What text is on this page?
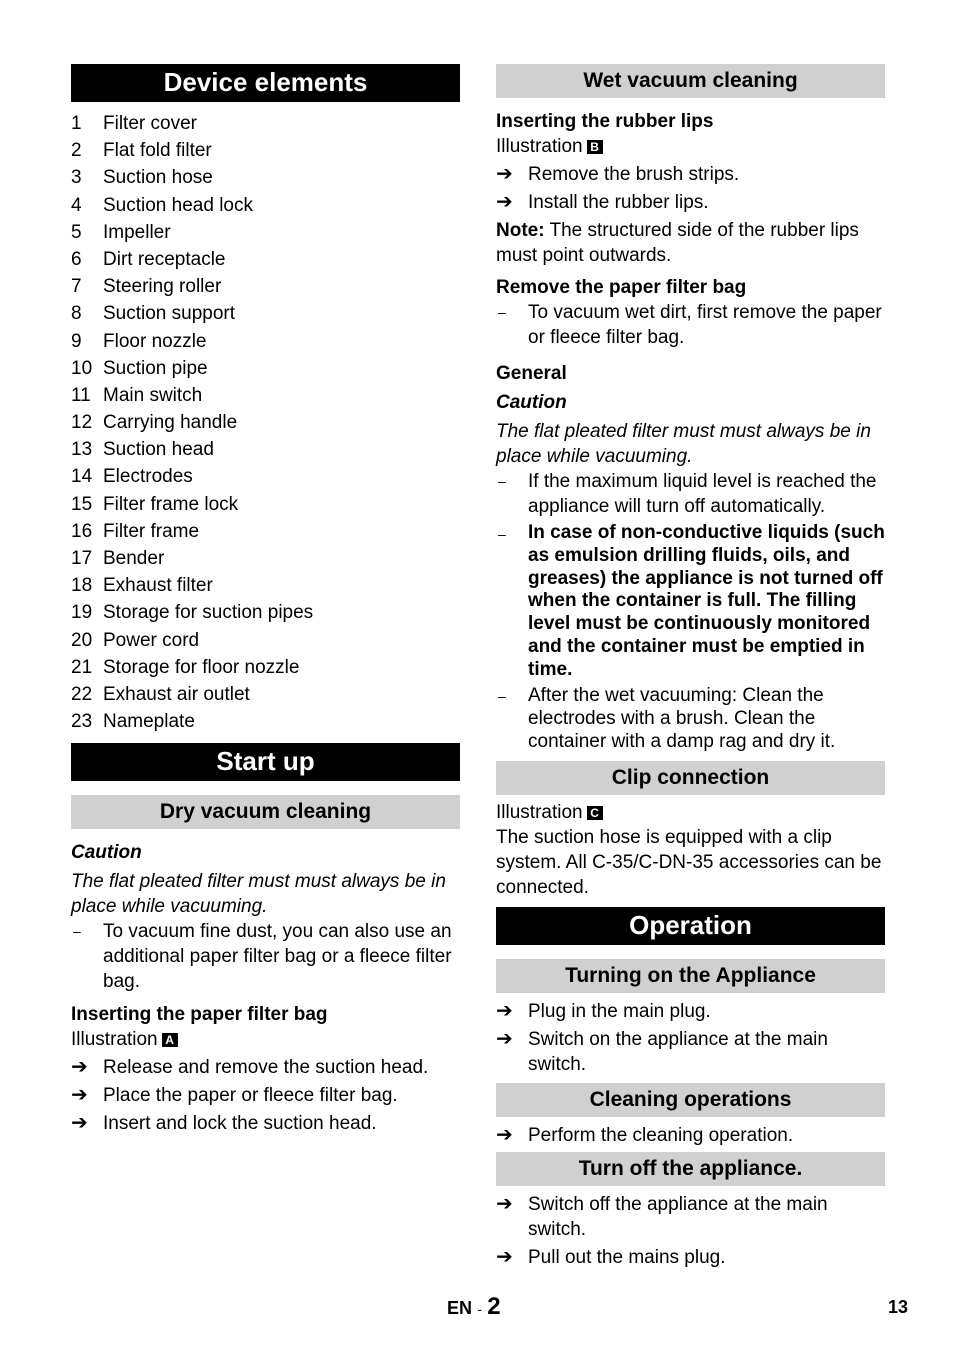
Device elements
1	Filter cover
2	Flat fold filter
3	Suction hose
4	Suction head lock
5	Impeller
6	Dirt receptacle
7	Steering roller
8	Suction support
9	Floor nozzle
10 Suction pipe
11 Main switch
12 Carrying handle
13 Suction head
14 Electrodes
15 Filter frame lock
16 Filter frame
17 Bender
18 Exhaust filter
19 Storage for suction pipes
20 Power cord
21 Storage for floor nozzle
22 Exhaust air outlet
23 Nameplate
Start up
Dry vacuum cleaning
Caution
The flat pleated filter must must always be in place while vacuuming.
–	To vacuum fine dust, you can also use an additional paper filter bag or a fleece filter bag.
Inserting the paper filter bag
Illustration A
➔ Release and remove the suction head.
➔ Place the paper or fleece filter bag.
➔ Insert and lock the suction head.
Wet vacuum cleaning
Inserting the rubber lips
Illustration B
➔ Remove the brush strips.
➔ Install the rubber lips.
Note: The structured side of the rubber lips must point outwards.
Remove the paper filter bag
–	To vacuum wet dirt, first remove the paper or fleece filter bag.
General
Caution
The flat pleated filter must must always be in place while vacuuming.
–	If the maximum liquid level is reached the appliance will turn off automatically.
–	In case of non-conductive liquids (such as emulsion drilling fluids, oils, and greases) the appliance is not turned off when the container is full. The filling level must be continuously monitored and the container must be emptied in time.
–	After the wet vacuuming: Clean the electrodes with a brush. Clean the container with a damp rag and dry it.
Clip connection
Illustration C
The suction hose is equipped with a clip system. All C-35/C-DN-35 accessories can be connected.
Operation
Turning on the Appliance
➔ Plug in the main plug.
➔ Switch on the appliance at the main switch.
Cleaning operations
➔ Perform the cleaning operation.
Turn off the appliance.
➔ Switch off the appliance at the main switch.
➔ Pull out the mains plug.
EN - 2	13
